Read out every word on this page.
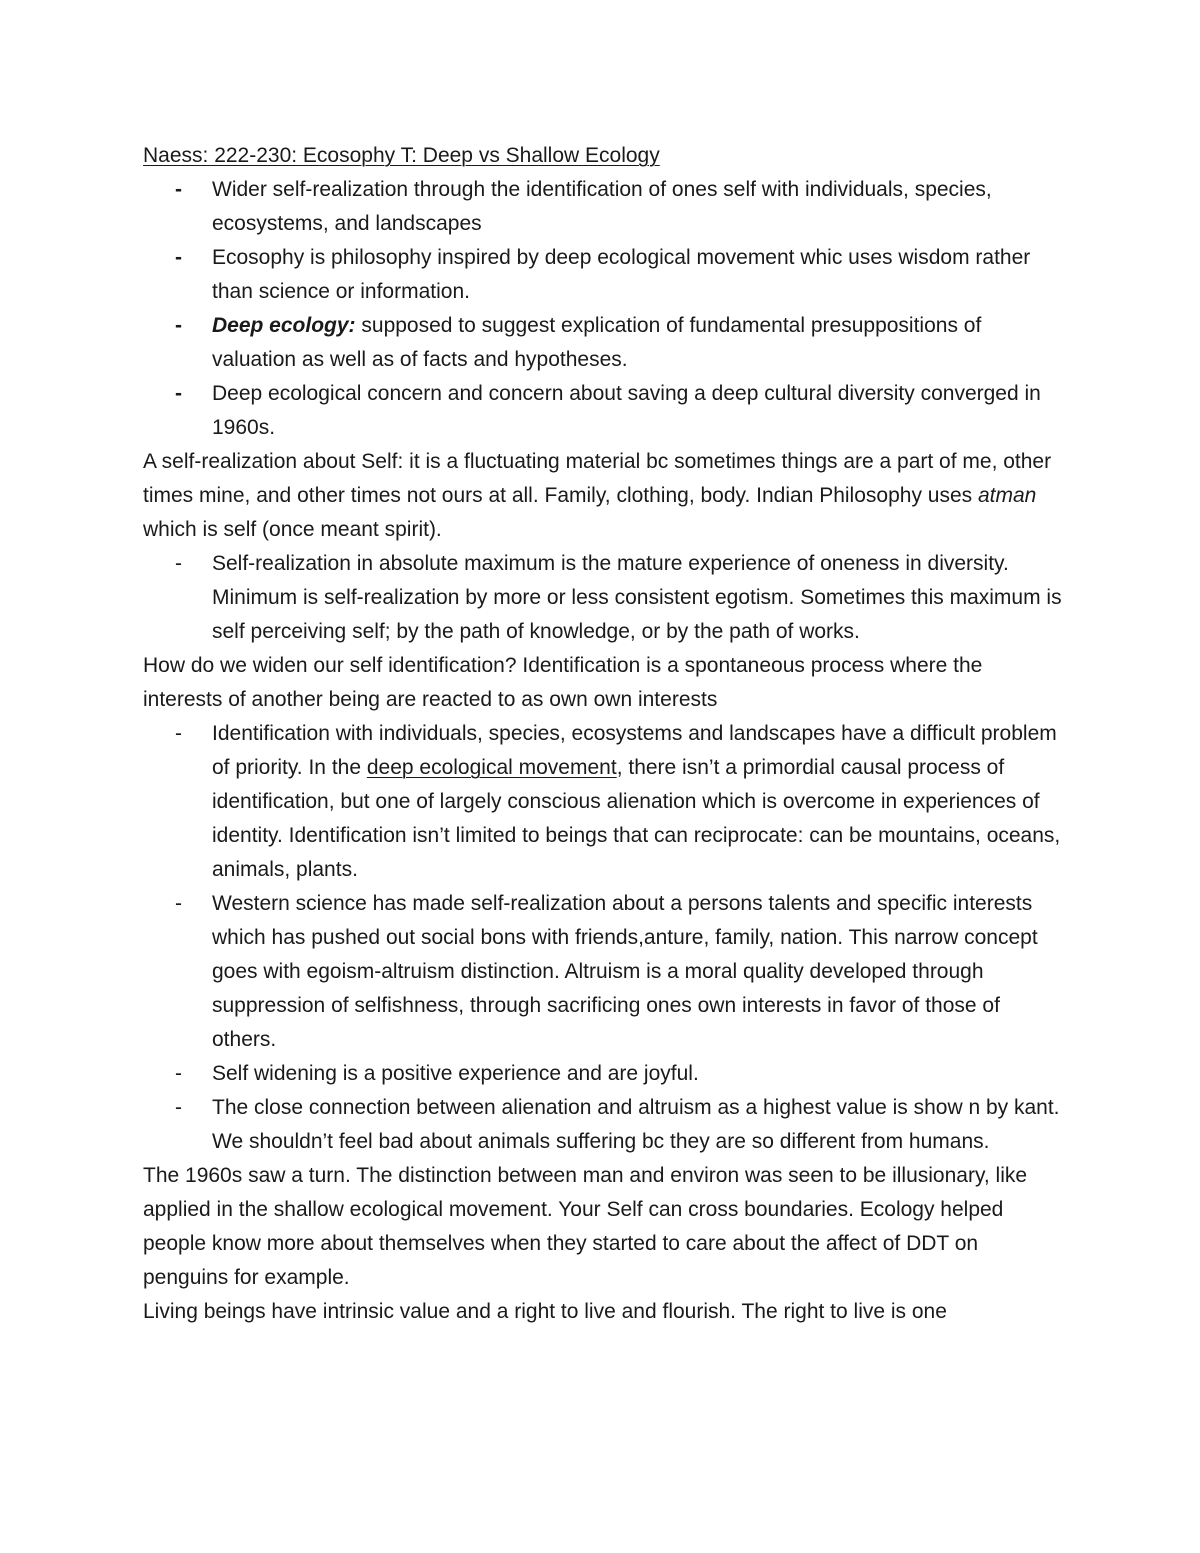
Naess: 222-230: Ecosophy T: Deep vs Shallow Ecology

- Wider self-realization through the identification of ones self with individuals, species, ecosystems, and landscapes
- Ecosophy is philosophy inspired by deep ecological movement whic uses wisdom rather than science or information.
- Deep ecology: supposed to suggest explication of fundamental presuppositions of valuation as well as of facts and hypotheses.
- Deep ecological concern and concern about saving a deep cultural diversity converged in 1960s.

A self-realization about Self: it is a fluctuating material bc sometimes things are a part of me, other times mine, and other times not ours at all. Family, clothing, body. Indian Philosophy uses atman which is self (once meant spirit).

- Self-realization in absolute maximum is the mature experience of oneness in diversity. Minimum is self-realization by more or less consistent egotism. Sometimes this maximum is self perceiving self; by the path of knowledge, or by the path of works.

How do we widen our self identification? Identification is a spontaneous process where the interests of another being are reacted to as own own interests

- Identification with individuals, species, ecosystems and landscapes have a difficult problem of priority. In the deep ecological movement, there isn’t a primordial causal process of identification, but one of largely conscious alienation which is overcome in experiences of identity. Identification isn’t limited to beings that can reciprocate: can be mountains, oceans, animals, plants.
- Western science has made self-realization about a persons talents and specific interests which has pushed out social bons with friends,anture, family, nation. This narrow concept goes with egoism-altruism distinction. Altruism is a moral quality developed through suppression of selfishness, through sacrificing ones own interests in favor of those of others.
- Self widening is a positive experience and are joyful.
- The close connection between alienation and altruism as a highest value is show n by kant. We shouldn’t feel bad about animals suffering bc they are so different from humans.

The 1960s saw a turn. The distinction between man and environ was seen to be illusionary, like applied in the shallow ecological movement. Your Self can cross boundaries. Ecology helped people know more about themselves when they started to care about the affect of DDT on penguins for example.

Living beings have intrinsic value and a right to live and flourish. The right to live is one
